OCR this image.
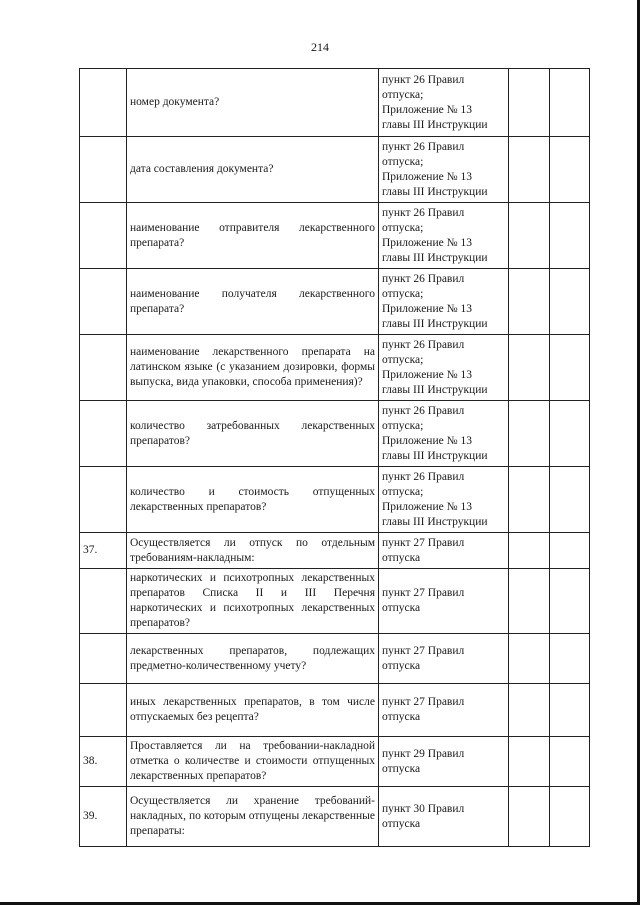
214
	номер документа?	пункт 26 Правил
отпуска;
Приложение № 13
главы III Инструкции		

	дата составления документа?	пункт 26 Правил
отпуска;
Приложение № 13
главы III Инструкции		

	наименование отправителя лекарственного препарата?	пункт 26 Правил
отпуска;
Приложение № 13
главы III Инструкции		

	наименование получателя лекарственного препарата?	пункт 26 Правил
отпуска;
Приложение № 13
главы III Инструкции		

	наименование лекарственного препарата на латинском языке (с указанием дозировки, формы выпуска, вида упаковки, способа применения)?	пункт 26 Правил
отпуска;
Приложение № 13
главы III Инструкции		

	количество затребованных лекарственных препаратов?	пункт 26 Правил
отпуска;
Приложение № 13
главы III Инструкции		

	количество и стоимость отпущенных лекарственных препаратов?	пункт 26 Правил
отпуска;
Приложение № 13
главы III Инструкции		

37.	Осуществляется ли отпуск по отдельным требованиям-накладным:	пункт 27 Правил
отпуска		

	наркотических и психотропных лекарственных препаратов Списка II и III Перечня наркотических и психотропных лекарственных препаратов?	пункт 27 Правил
отпуска		

	лекарственных препаратов, подлежащих предметно-количественному учету?	пункт 27 Правил
отпуска		

	иных лекарственных препаратов, в том числе отпускаемых без рецепта?	пункт 27 Правил
отпуска		

38.	Проставляется ли на требовании-накладной отметка о количестве и стоимости отпущенных лекарственных препаратов?	пункт 29 Правил
отпуска		

39.	Осуществляется ли хранение требований-накладных, по которым отпущены лекарственные препараты:	пункт 30 Правил
отпуска		
